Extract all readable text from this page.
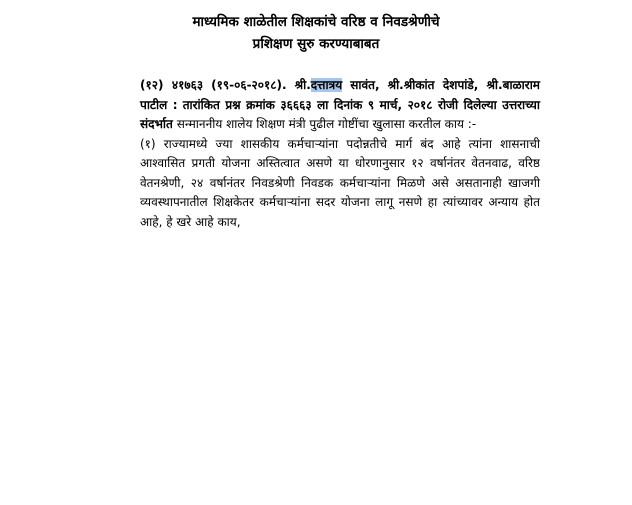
माध्यमिक शाळेतील शिक्षकांचे वरिष्ठ व निवडश्रेणीचे
प्रशिक्षण सुरु करण्याबाबत

(१२) ४१७६३ (१९-०६-२०१८). श्री.दत्तात्रय सावंत, श्री.श्रीकांत देशपांडे, श्री.बाळाराम पाटील : तारांकित प्रश्न क्रमांक ३६६६३ ला दिनांक ९ मार्च, २०१८ रोजी दिलेल्या उत्तराच्या संदर्भात सन्माननीय शालेय शिक्षण मंत्री पुढील गोष्टींचा खुलासा करतील काय :-

(१) राज्यामध्ये ज्या शासकीय कर्मचाऱ्यांना पदोन्नतीचे मार्ग बंद आहे त्यांना शासनाची आश्वासित प्रगती योजना अस्तित्वात असणे या धोरणानुसार १२ वर्षानंतर वेतनवाढ, वरिष्ठ वेतनश्रेणी, २४ वर्षानंतर निवडश्रेणी निवडक कर्मचाऱ्यांना मिळणे असे असतानाही खाजगी व्यवस्थापनातील शिक्षकेतर कर्मचाऱ्यांना सदर योजना लागू नसणे हा त्यांच्यावर अन्याय होत आहे, हे खरे आहे काय,
